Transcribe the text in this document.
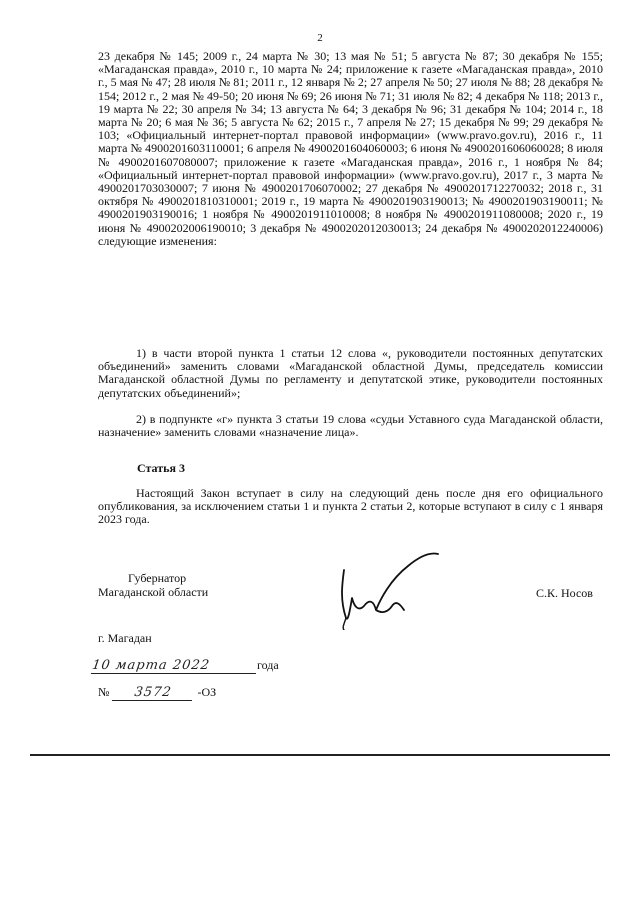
2
23 декабря № 145; 2009 г., 24 марта № 30; 13 мая № 51; 5 августа № 87; 30 декабря № 155; «Магаданская правда», 2010 г., 10 марта № 24; приложение к газете «Магаданская правда», 2010 г., 5 мая № 47; 28 июля № 81; 2011 г., 12 января № 2; 27 апреля № 50; 27 июля № 88; 28 декабря № 154; 2012 г., 2 мая № 49-50; 20 июня № 69; 26 июня № 71; 31 июля № 82; 4 декабря № 118; 2013 г., 19 марта № 22; 30 апреля № 34; 13 августа № 64; 3 декабря № 96; 31 декабря № 104; 2014 г., 18 марта № 20; 6 мая № 36; 5 августа № 62; 2015 г., 7 апреля № 27; 15 декабря № 99; 29 декабря № 103; «Официальный интернет-портал правовой информации» (www.pravo.gov.ru), 2016 г., 11 марта № 4900201603110001; 6 апреля № 4900201604060003; 6 июня № 4900201606060028; 8 июля № 4900201607080007; приложение к газете «Магаданская правда», 2016 г., 1 ноября № 84; «Официальный интернет-портал правовой информации» (www.pravo.gov.ru), 2017 г., 3 марта № 4900201703030007; 7 июня № 4900201706070002; 27 декабря № 4900201712270032; 2018 г., 31 октября № 4900201810310001; 2019 г., 19 марта № 4900201903190013; № 4900201903190011; № 4900201903190016; 1 ноября № 4900201911010008; 8 ноября № 4900201911080008; 2020 г., 19 июня № 4900202006190010; 3 декабря № 4900202012030013; 24 декабря № 4900202012240006) следующие изменения:
1) в части второй пункта 1 статьи 12 слова «, руководители постоянных депутатских объединений» заменить словами «Магаданской областной Думы, председатель комиссии Магаданской областной Думы по регламенту и депутатской этике, руководители постоянных депутатских объединений»;
2) в подпункте «г» пункта 3 статьи 19 слова «судьи Уставного суда Магаданской области, назначение» заменить словами «назначение лица».
Статья 3
Настоящий Закон вступает в силу на следующий день после дня его официального опубликования, за исключением статьи 1 и пункта 2 статьи 2, которые вступают в силу с 1 января 2023 года.
Губернатор
Магаданской области	С.К. Носов
г. Магадан
10 марта 2022	года
№	3572	-ОЗ
